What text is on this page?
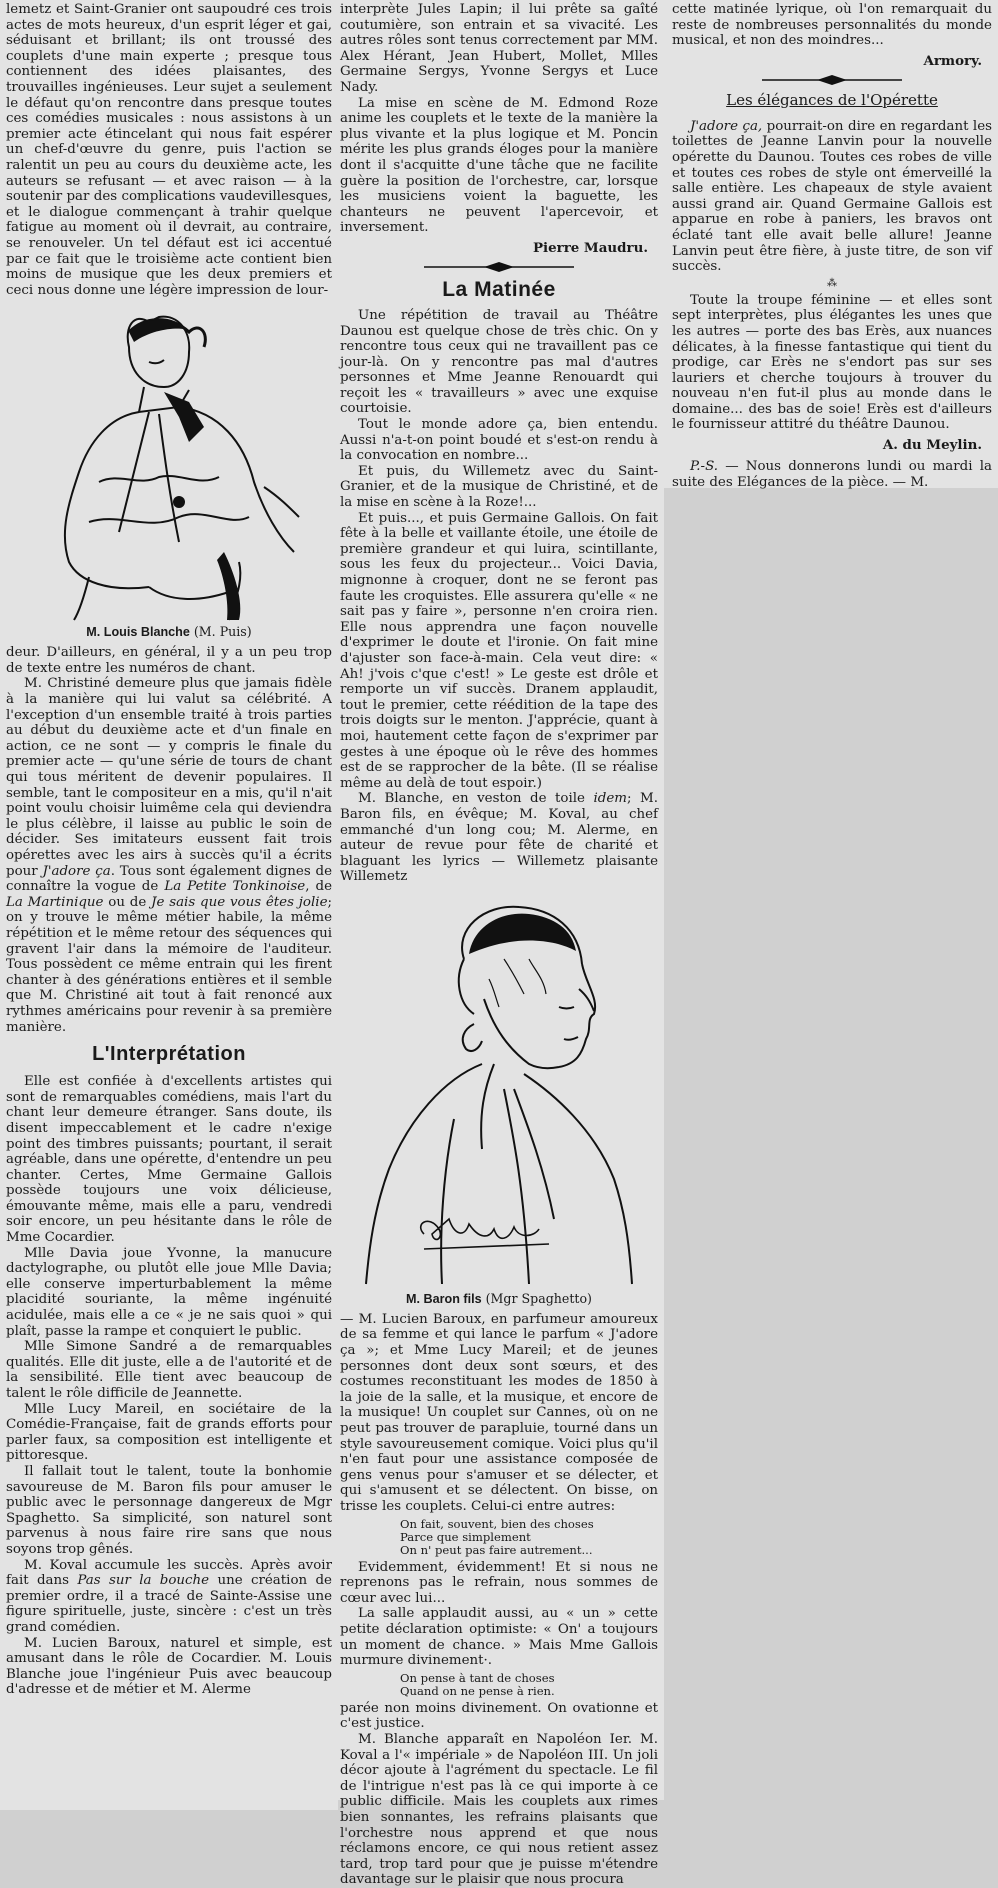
lemetz et Saint-Granier ont saupoudré ces trois actes de mots heureux, d'un esprit léger et gai, séduisant et brillant; ils ont troussé des couplets d'une main experte ; presque tous contiennent des idées plaisantes, des trouvailles ingénieuses. Leur sujet a seulement le défaut qu'on rencontre dans presque toutes ces comédies musicales : nous assistons à un premier acte étincelant qui nous fait espérer un chef-d'œuvre du genre, puis l'action se ralentit un peu au cours du deuxième acte, les auteurs se refusant — et avec raison — à la soutenir par des complications vaudevillesques, et le dialogue commençant à trahir quelque fatigue au moment où il devrait, au contraire, se renouveler. Un tel défaut est ici accentué par ce fait que le troisième acte contient bien moins de musique que les deux premiers et ceci nous donne une légère impression de lour-

M. Louis Blanche (M. Puis)

deur. D'ailleurs, en général, il y a un peu trop de texte entre les numéros de chant.

M. Christiné demeure plus que jamais fidèle à la manière qui lui valut sa célébrité. A l'exception d'un ensemble traité à trois parties au début du deuxième acte et d'un finale en action, ce ne sont — y compris le finale du premier acte — qu'une série de tours de chant qui tous méritent de devenir populaires. Il semble, tant le compositeur en a mis, qu'il n'ait point voulu choisir luimême cela qui deviendra le plus célèbre, il laisse au public le soin de décider. Ses imitateurs eussent fait trois opérettes avec les airs à succès qu'il a écrits pour J'adore ça. Tous sont également dignes de connaître la vogue de La Petite Tonkinoise, de La Martinique ou de Je sais que vous êtes jolie; on y trouve le même métier habile, la même répétition et le même retour des séquences qui gravent l'air dans la mémoire de l'auditeur. Tous possèdent ce même entrain qui les firent chanter à des générations entières et il semble que M. Christiné ait tout à fait renoncé aux rythmes américains pour revenir à sa première manière.

L'Interprétation

Elle est confiée à d'excellents artistes qui sont de remarquables comédiens, mais l'art du chant leur demeure étranger. Sans doute, ils disent impeccablement et le cadre n'exige point des timbres puissants; pourtant, il serait agréable, dans une opérette, d'entendre un peu chanter. Certes, Mme Germaine Gallois possède toujours une voix délicieuse, émouvante même, mais elle a paru, vendredi soir encore, un peu hésitante dans le rôle de Mme Cocardier.

Mlle Davia joue Yvonne, la manucure dactylographe, ou plutôt elle joue Mlle Davia; elle conserve imperturbablement la même placidité souriante, la même ingénuité acidulée, mais elle a ce « je ne sais quoi » qui plaît, passe la rampe et conquiert le public.

Mlle Simone Sandré a de remarquables qualités. Elle dit juste, elle a de l'autorité et de la sensibilité. Elle tient avec beaucoup de talent le rôle difficile de Jeannette.

Mlle Lucy Mareil, en sociétaire de la Comédie-Française, fait de grands efforts pour parler faux, sa composition est intelligente et pittoresque.

Il fallait tout le talent, toute la bonhomie savoureuse de M. Baron fils pour amuser le public avec le personnage dangereux de Mgr Spaghetto. Sa simplicité, son naturel sont parvenus à nous faire rire sans que nous soyons trop gênés.

M. Koval accumule les succès. Après avoir fait dans Pas sur la bouche une création de premier ordre, il a tracé de Sainte-Assise une figure spirituelle, juste, sincère : c'est un très grand comédien.

M. Lucien Baroux, naturel et simple, est amusant dans le rôle de Cocardier. M. Louis Blanche joue l'ingénieur Puis avec beaucoup d'adresse et de métier et M. Alerme

interprète Jules Lapin; il lui prête sa gaîté coutumière, son entrain et sa vivacité. Les autres rôles sont tenus correctement par MM. Alex Hérant, Jean Hubert, Mollet, Mlles Germaine Sergys, Yvonne Sergys et Luce Nady.

La mise en scène de M. Edmond Roze anime les couplets et le texte de la manière la plus vivante et la plus logique et M. Poncin mérite les plus grands éloges pour la manière dont il s'acquitte d'une tâche que ne facilite guère la position de l'orchestre, car, lorsque les musiciens voient la baguette, les chanteurs ne peuvent l'apercevoir, et inversement.

Pierre Maudru.
La Matinée

Une répétition de travail au Théâtre Daunou est quelque chose de très chic. On y rencontre tous ceux qui ne travaillent pas ce jour-là. On y rencontre pas mal d'autres personnes et Mme Jeanne Renouardt qui reçoit les « travailleurs » avec une exquise courtoisie.

Tout le monde adore ça, bien entendu. Aussi n'a-t-on point boudé et s'est-on rendu à la convocation en nombre...

Et puis, du Willemetz avec du Saint-Granier, et de la musique de Christiné, et de la mise en scène à la Roze!...

Et puis..., et puis Germaine Gallois. On fait fête à la belle et vaillante étoile, une étoile de première grandeur et qui luira, scintillante, sous les feux du projecteur... Voici Davia, mignonne à croquer, dont ne se feront pas faute les croquistes. Elle assurera qu'elle « ne sait pas y faire », personne n'en croira rien. Elle nous apprendra une façon nouvelle d'exprimer le doute et l'ironie. On fait mine d'ajuster son face-à-main. Cela veut dire: « Ah! j'vois c'que c'est! » Le geste est drôle et remporte un vif succès. Dranem applaudit, tout le premier, cette réédition de la tape des trois doigts sur le menton. J'apprécie, quant à moi, hautement cette façon de s'exprimer par gestes à une époque où le rêve des hommes est de se rapprocher de la bête. (Il se réalise même au delà de tout espoir.)

M. Blanche, en veston de toile idem; M. Baron fils, en évêque; M. Koval, au chef emmanché d'un long cou; M. Alerme, en auteur de revue pour fête de charité et blaguant les lyrics — Willemetz plaisante Willemetz

M. Baron fils (Mgr Spaghetto)

— M. Lucien Baroux, en parfumeur amoureux de sa femme et qui lance le parfum « J'adore ça »; et Mme Lucy Mareil; et de jeunes personnes dont deux sont sœurs, et des costumes reconstituant les modes de 1850 à la joie de la salle, et la musique, et encore de la musique! Un couplet sur Cannes, où on ne peut pas trouver de parapluie, tourné dans un style savoureusement comique. Voici plus qu'il n'en faut pour une assistance composée de gens venus pour s'amuser et se délecter, et qui s'amusent et se délectent. On bisse, on trisse les couplets. Celui-ci entre autres:

On fait, souvent, bien des choses
Parce que simplement
On n' peut pas faire autrement...

Evidemment, évidemment! Et si nous ne reprenons pas le refrain, nous sommes de cœur avec lui...

La salle applaudit aussi, au « un » cette petite déclaration optimiste: « On' a toujours un moment de chance. » Mais Mme Gallois murmure divinement·.

On pense à tant de choses
Quand on ne pense à rien.

parée non moins divinement. On ovationne et c'est justice.

M. Blanche apparaît en Napoléon Ier. M. Koval a l'« impériale » de Napoléon III. Un joli décor ajoute à l'agrément du spectacle. Le fil de l'intrigue n'est pas là ce qui importe à ce public difficile. Mais les couplets aux rimes bien sonnantes, les refrains plaisants que l'orchestre nous apprend et que nous réclamons encore, ce qui nous retient assez tard, trop tard pour que je puisse m'étendre davantage sur le plaisir que nous procura

cette matinée lyrique, où l'on remarquait du reste de nombreuses personnalités du monde musical, et non des moindres...

Armory.
Les élégances de l'Opérette

J'adore ça, pourrait-on dire en regardant les toilettes de Jeanne Lanvin pour la nouvelle opérette du Daunou. Toutes ces robes de ville et toutes ces robes de style ont émerveillé la salle entière. Les chapeaux de style avaient aussi grand air. Quand Germaine Gallois est apparue en robe à paniers, les bravos ont éclaté tant elle avait belle allure! Jeanne Lanvin peut être fière, à juste titre, de son vif succès.

⁂

Toute la troupe féminine — et elles sont sept interprètes, plus élégantes les unes que les autres — porte des bas Erès, aux nuances délicates, à la finesse fantastique qui tient du prodige, car Erès ne s'endort pas sur ses lauriers et cherche toujours à trouver du nouveau n'en fut-il plus au monde dans le domaine... des bas de soie! Erès est d'ailleurs le fournisseur attitré du théâtre Daunou.

A. du Meylin.

P.-S. — Nous donnerons lundi ou mardi la suite des Elégances de la pièce. — M.
